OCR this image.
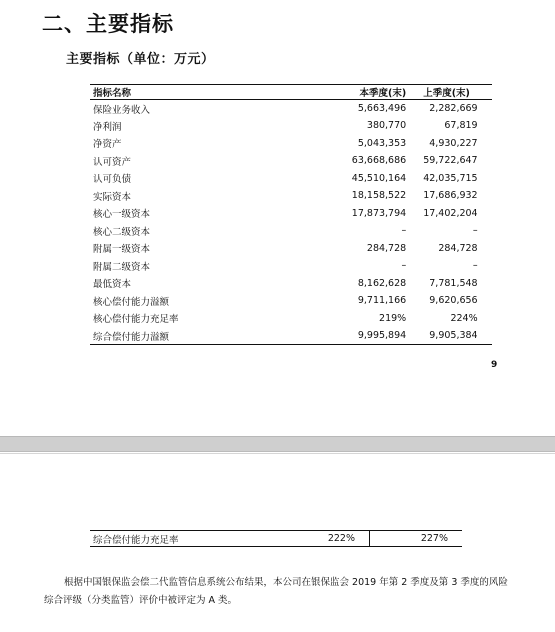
二、主要指标
主要指标（单位：万元）
指标名称	本季度(末)	上季度(末)
保险业务收入	5,663,496	2,282,669
净利润	380,770	67,819
净资产	5,043,353	4,930,227
认可资产	63,668,686	59,722,647
认可负债	45,510,164	42,035,715
实际资本	18,158,522	17,686,932
核心一级资本	17,873,794	17,402,204
核心二级资本	–	–
附属一级资本	284,728	284,728
附属二级资本	–	–
最低资本	8,162,628	7,781,548
核心偿付能力溢额	9,711,166	9,620,656
核心偿付能力充足率	219%	224%
综合偿付能力溢额	9,995,894	9,905,384
9
综合偿付能力充足率	222%	227%
根据中国银保监会偿二代监管信息系统公布结果，本公司在银保监会 2019 年第 2 季度及第 3 季度的风险综合评级（分类监管）评价中被评定为 A 类。
